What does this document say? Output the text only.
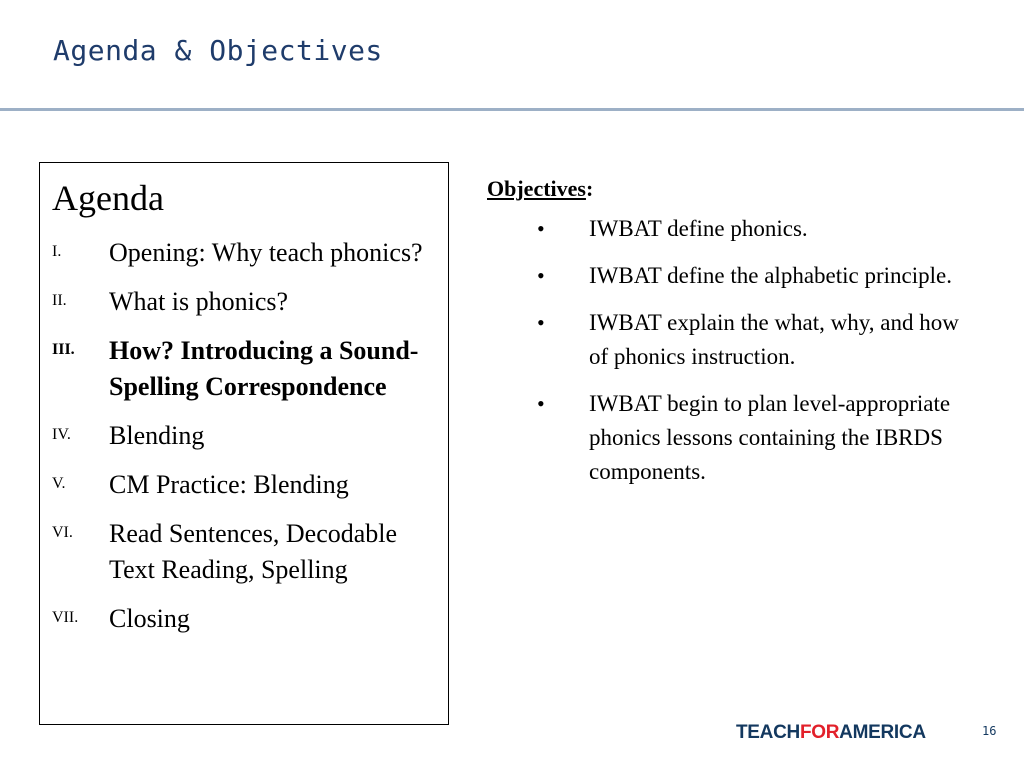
Agenda & Objectives
Agenda
I.	Opening: Why teach phonics?
II.	What is phonics?
III.	How? Introducing a Sound-Spelling Correspondence
IV.	Blending
V.	CM Practice: Blending
VI.	Read Sentences, Decodable Text Reading, Spelling
VII.	Closing
Objectives:
•	IWBAT define phonics.
•	IWBAT define the alphabetic principle.
•	IWBAT explain the what, why, and how of phonics instruction.
•	IWBAT begin to plan level-appropriate phonics lessons containing the IBRDS components.
TEACHFORAMERICA	16
